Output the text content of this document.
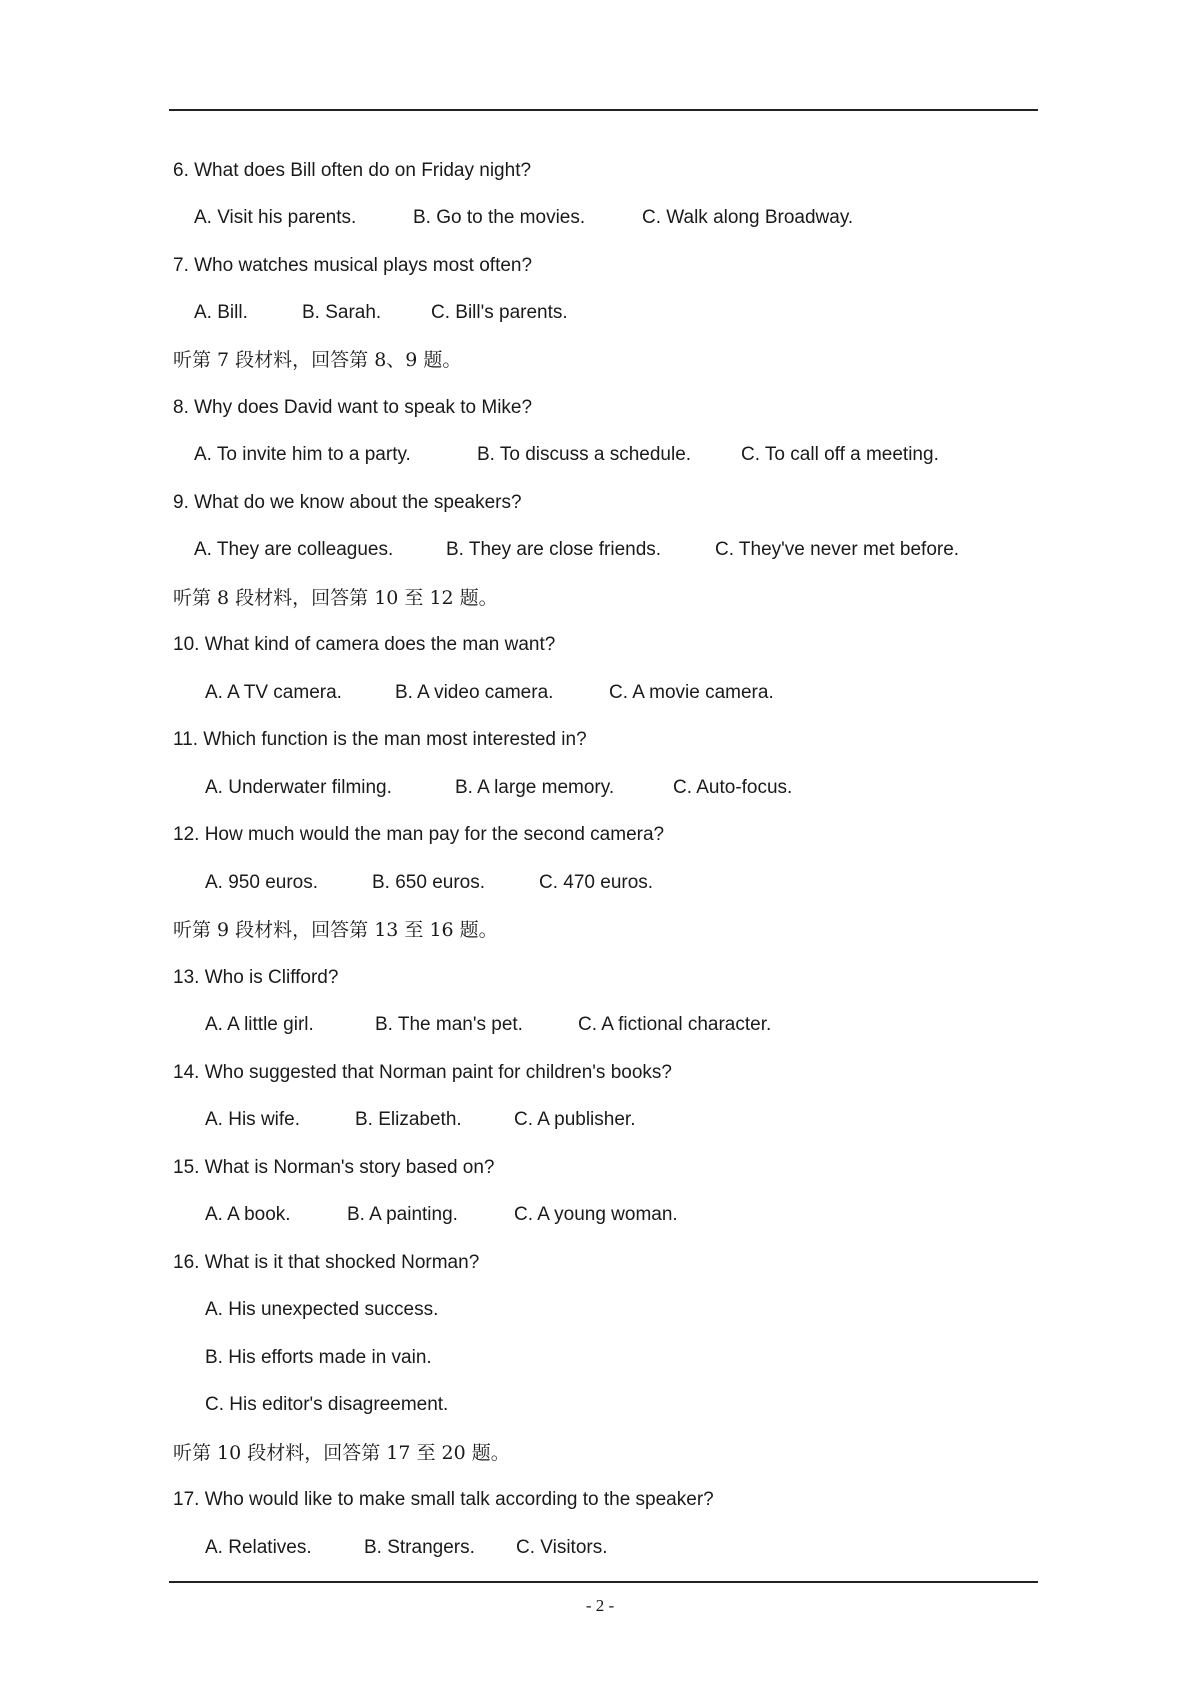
6. What does Bill often do on Friday night?
A. Visit his parents.	B. Go to the movies.	C. Walk along Broadway.
7. Who watches musical plays most often?
A. Bill.	B. Sarah.	C. Bill's parents.
听第 7 段材料，回答第 8、9 题。
8. Why does David want to speak to Mike?
A. To invite him to a party.	B. To discuss a schedule.	C. To call off a meeting.
9. What do we know about the speakers?
A. They are colleagues.	B. They are close friends.	C. They've never met before.
听第 8 段材料，回答第 10 至 12 题。
10. What kind of camera does the man want?
A. A TV camera.	B. A video camera.	C. A movie camera.
11. Which function is the man most interested in?
A. Underwater filming.	B. A large memory.	C. Auto-focus.
12. How much would the man pay for the second camera?
A. 950 euros.	B. 650 euros.	C. 470 euros.
听第 9 段材料，回答第 13 至 16 题。
13. Who is Clifford?
A. A little girl.	B. The man's pet.	C. A fictional character.
14. Who suggested that Norman paint for children's books?
A. His wife.	B. Elizabeth.	C. A publisher.
15. What is Norman's story based on?
A. A book.	B. A painting.	C. A young woman.
16. What is it that shocked Norman?
A. His unexpected success.
B. His efforts made in vain.
C. His editor's disagreement.
听第 10 段材料，回答第 17 至 20 题。
17. Who would like to make small talk according to the speaker?
A. Relatives.	B. Strangers. C. Visitors.
- 2 -
